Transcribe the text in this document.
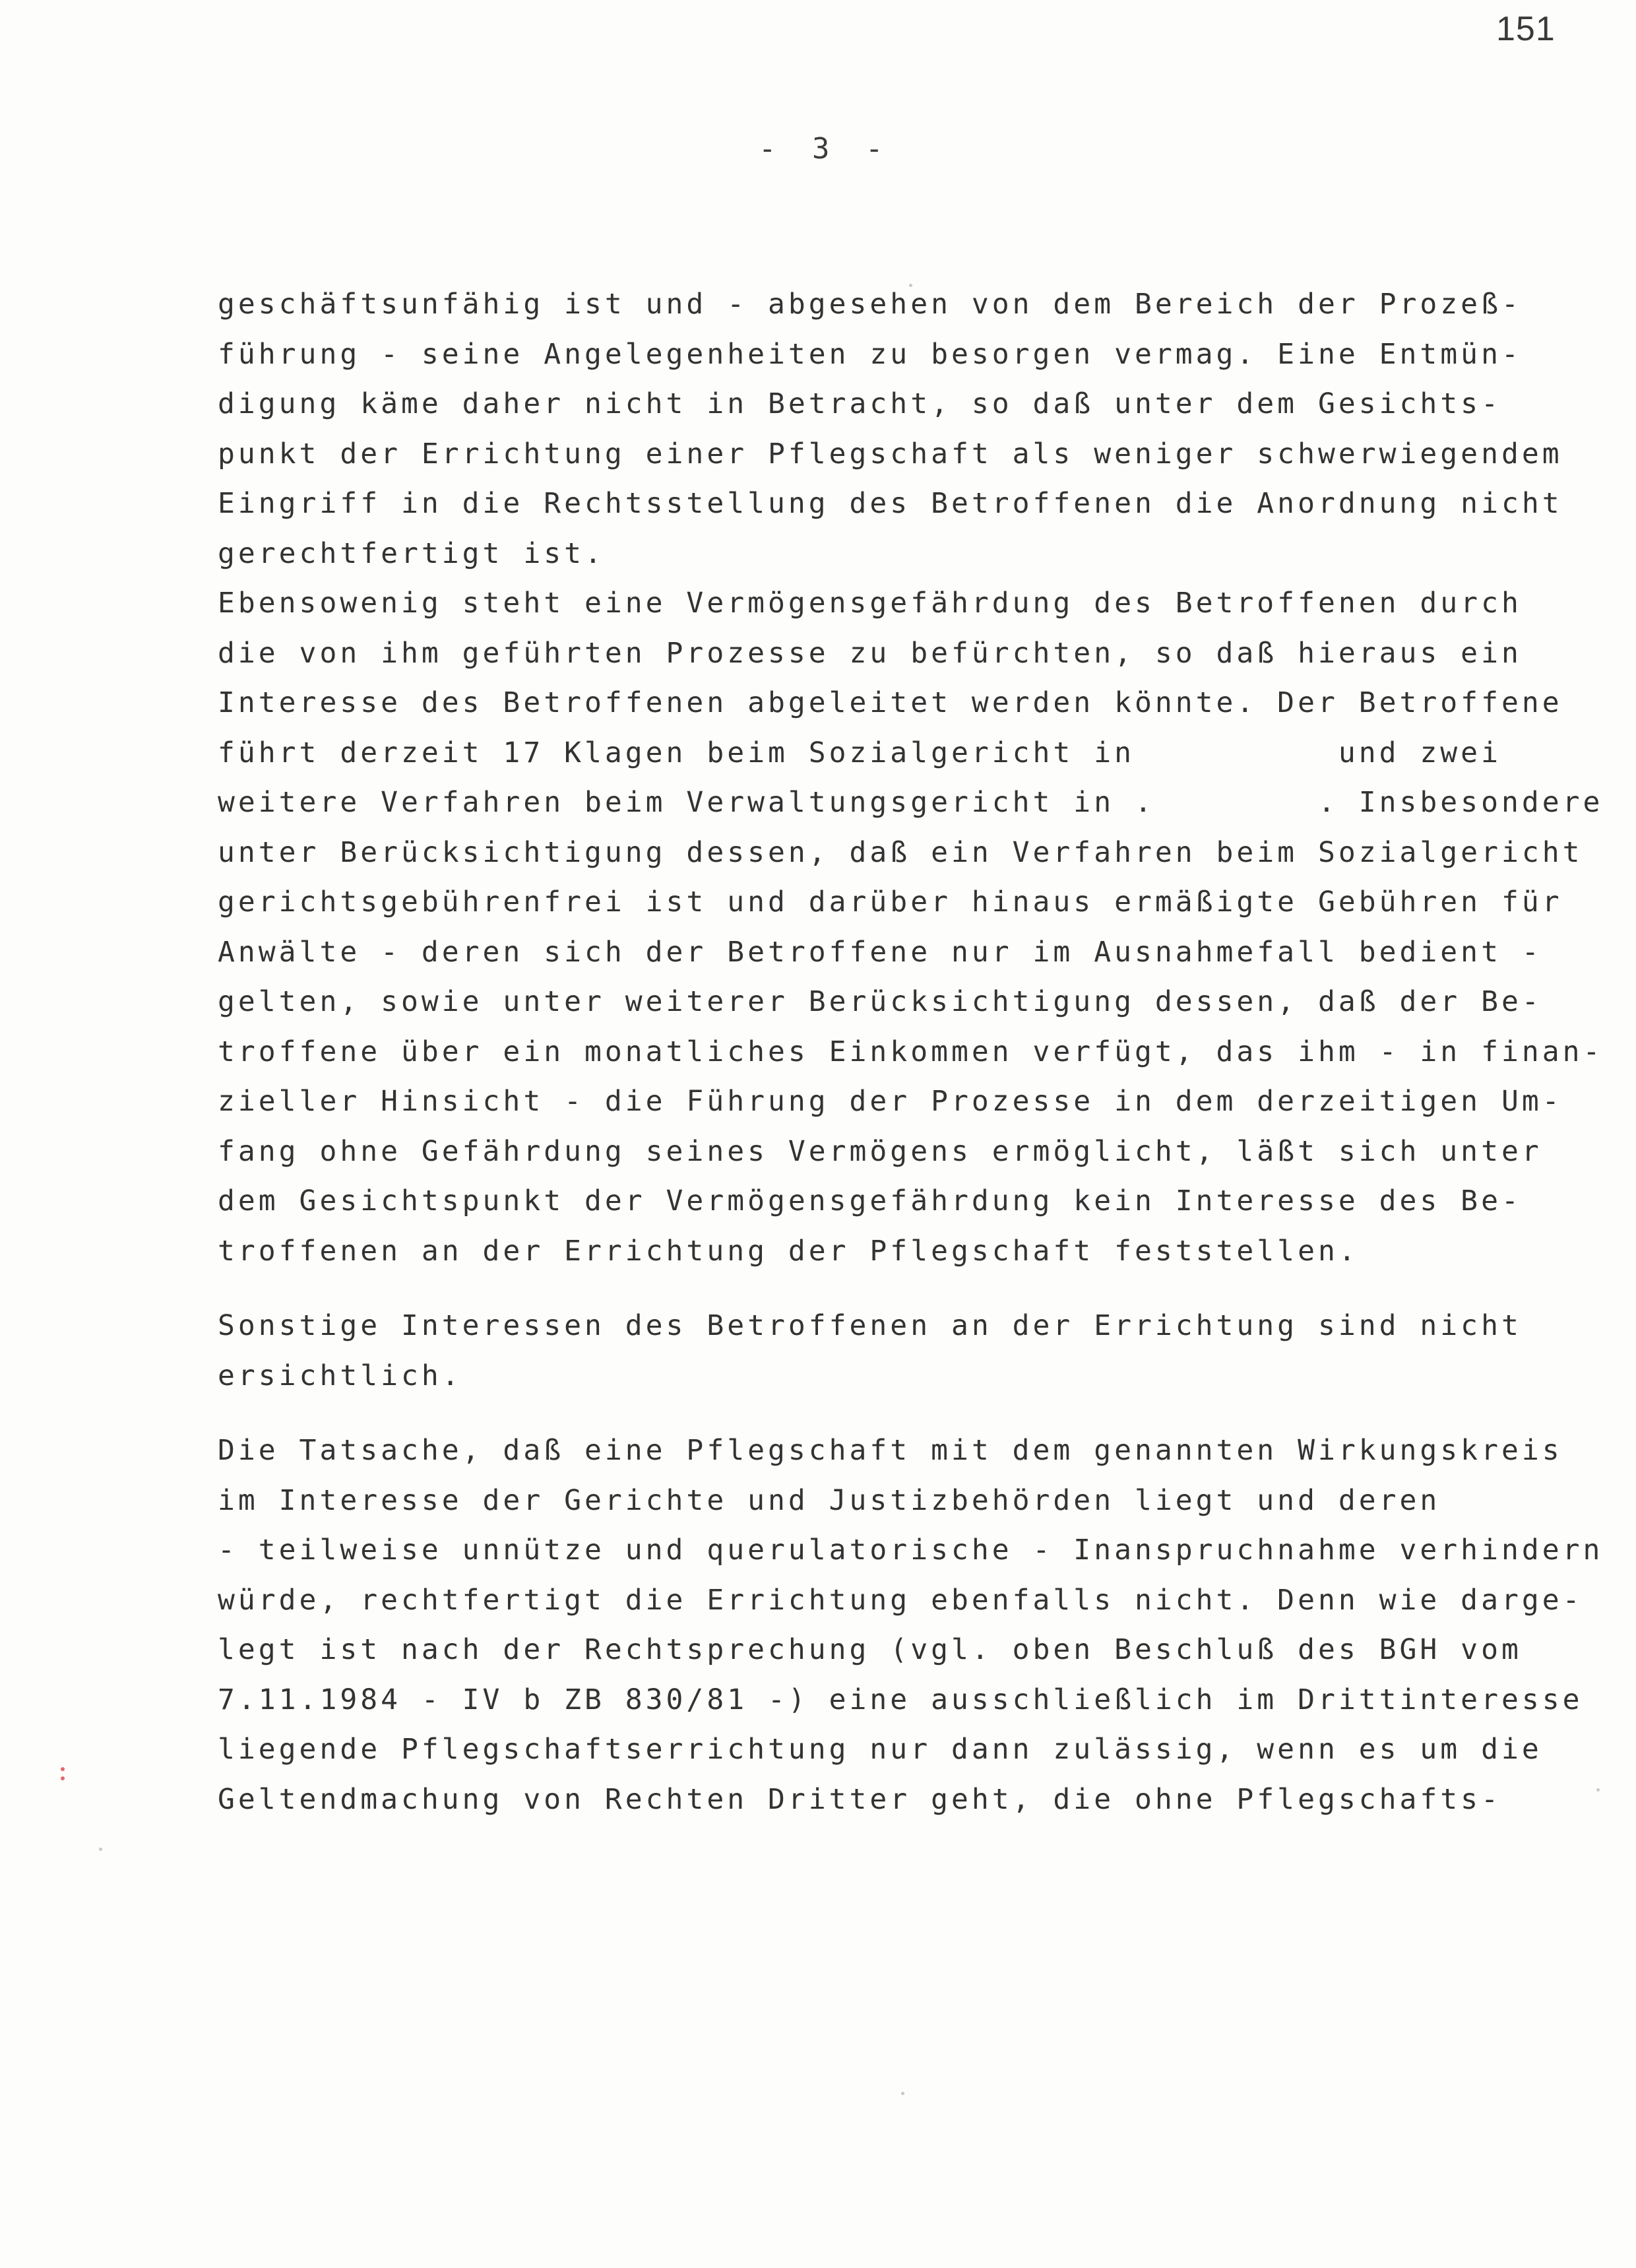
151
- 3 -
geschäftsunfähig ist und - abgesehen von dem Bereich der Prozeß-
führung - seine Angelegenheiten zu besorgen vermag. Eine Entmün-
digung käme daher nicht in Betracht, so daß unter dem Gesichts-
punkt der Errichtung einer Pflegschaft als weniger schwerwiegendem
Eingriff in die Rechtsstellung des Betroffenen die Anordnung nicht
gerechtfertigt ist.
Ebensowenig steht eine Vermögensgefährdung des Betroffenen durch
die von ihm geführten Prozesse zu befürchten, so daß hieraus ein
Interesse des Betroffenen abgeleitet werden könnte. Der Betroffene
führt derzeit 17 Klagen beim Sozialgericht in          und zwei
weitere Verfahren beim Verwaltungsgericht in .        . Insbesondere
unter Berücksichtigung dessen, daß ein Verfahren beim Sozialgericht
gerichtsgebührenfrei ist und darüber hinaus ermäßigte Gebühren für
Anwälte - deren sich der Betroffene nur im Ausnahmefall bedient -
gelten, sowie unter weiterer Berücksichtigung dessen, daß der Be-
troffene über ein monatliches Einkommen verfügt, das ihm - in finan-
zieller Hinsicht - die Führung der Prozesse in dem derzeitigen Um-
fang ohne Gefährdung seines Vermögens ermöglicht, läßt sich unter
dem Gesichtspunkt der Vermögensgefährdung kein Interesse des Be-
troffenen an der Errichtung der Pflegschaft feststellen.
Sonstige Interessen des Betroffenen an der Errichtung sind nicht
ersichtlich.
Die Tatsache, daß eine Pflegschaft mit dem genannten Wirkungskreis
im Interesse der Gerichte und Justizbehörden liegt und deren
- teilweise unnütze und querulatorische - Inanspruchnahme verhindern
würde, rechtfertigt die Errichtung ebenfalls nicht. Denn wie darge-
legt ist nach der Rechtsprechung (vgl. oben Beschluß des BGH vom
7.11.1984 - IV b ZB 830/81 -) eine ausschließlich im Drittinteresse
liegende Pflegschaftserrichtung nur dann zulässig, wenn es um die
Geltendmachung von Rechten Dritter geht, die ohne Pflegschafts-
